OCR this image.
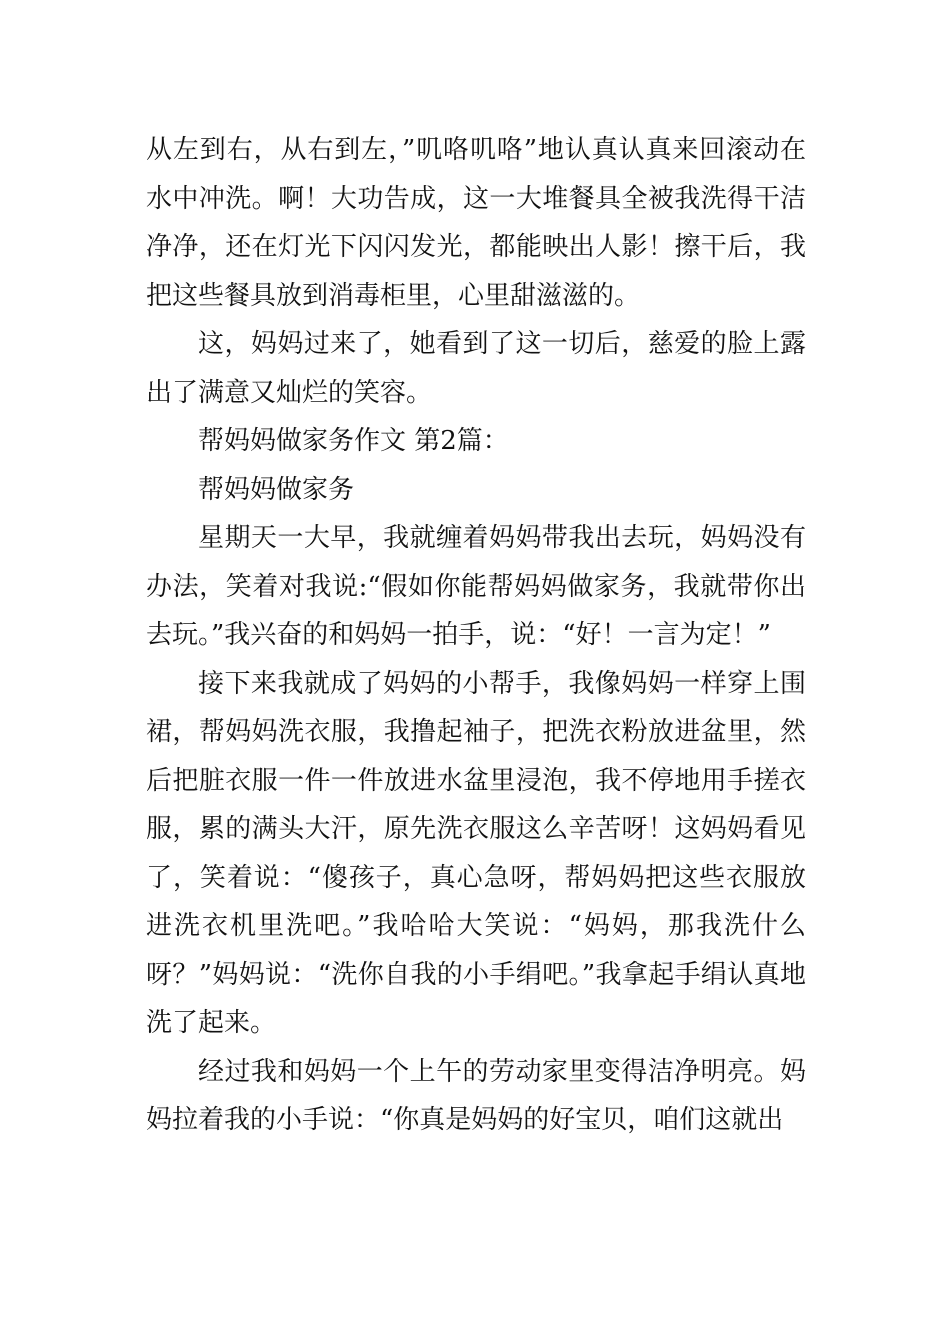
从左到右，从右到左，”叽咯叽咯”地认真认真来回滚动在水中冲洗。啊！大功告成，这一大堆餐具全被我洗得干洁净净，还在灯光下闪闪发光，都能映出人影！擦干后，我把这些餐具放到消毒柜里，心里甜滋滋的。

这，妈妈过来了，她看到了这一切后，慈爱的脸上露出了满意又灿烂的笑容。

帮妈妈做家务作文 第2篇：

帮妈妈做家务

星期天一大早，我就缠着妈妈带我出去玩，妈妈没有办法，笑着对我说:“假如你能帮妈妈做家务，我就带你出去玩。”我兴奋的和妈妈一拍手，说：“好！一言为定！”

接下来我就成了妈妈的小帮手，我像妈妈一样穿上围裙，帮妈妈洗衣服，我撸起袖子，把洗衣粉放进盆里，然后把脏衣服一件一件放进水盆里浸泡，我不停地用手搓衣服，累的满头大汗，原先洗衣服这么辛苦呀！这妈妈看见了，笑着说：“傻孩子，真心急呀，帮妈妈把这些衣服放进洗衣机里洗吧。”我哈哈大笑说：“妈妈，那我洗什么呀？”妈妈说：“洗你自我的小手绢吧。”我拿起手绢认真地洗了起来。

经过我和妈妈一个上午的劳动家里变得洁净明亮。妈妈拉着我的小手说：“你真是妈妈的好宝贝，咱们这就出
